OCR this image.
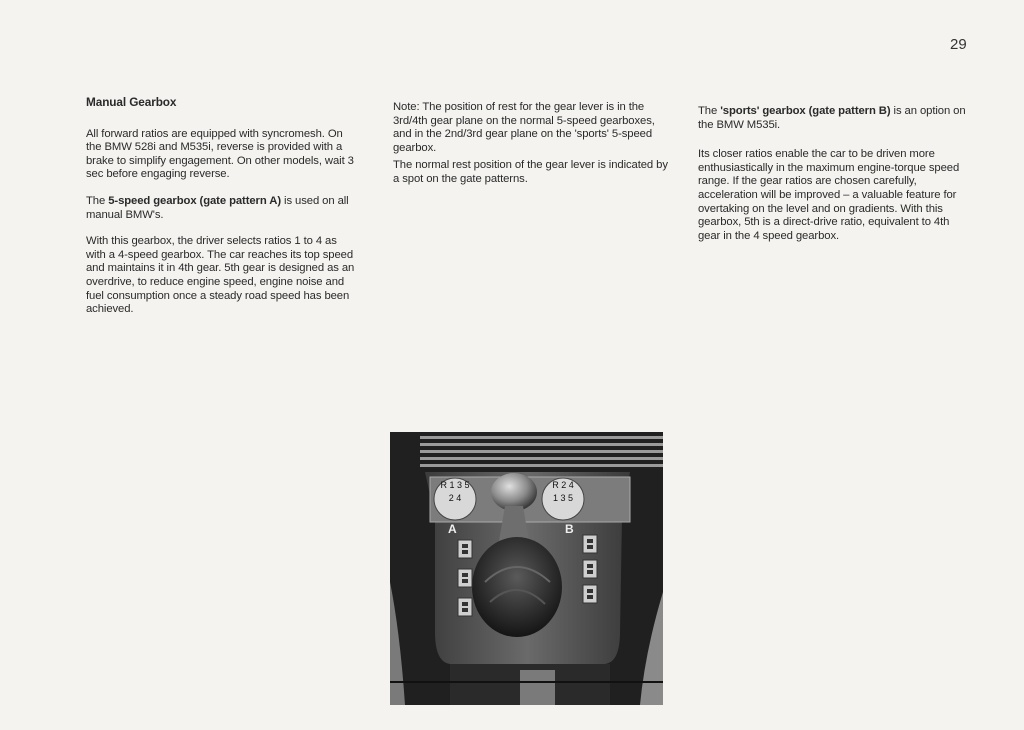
29
Manual Gearbox

All forward ratios are equipped with syncromesh. On the BMW 528i and M535i, reverse is provided with a brake to simplify engagement. On other models, wait 3 sec before engaging reverse.

The 5-speed gearbox (gate pattern A) is used on all manual BMW's.

With this gearbox, the driver selects ratios 1 to 4 as with a 4-speed gearbox. The car reaches its top speed and maintains it in 4th gear. 5th gear is designed as an overdrive, to reduce engine speed, engine noise and fuel consumption once a steady road speed has been achieved.

Note: The position of rest for the gear lever is in the 3rd/4th gear plane on the normal 5-speed gearboxes, and in the 2nd/3rd gear plane on the 'sports' 5-speed gearbox.

The normal rest position of the gear lever is indicated by a spot on the gate patterns.

The 'sports' gearbox (gate pattern B) is an option on the BMW M535i.

Its closer ratios enable the car to be driven more enthusiastically in the maximum engine-torque speed range. If the gear ratios are chosen carefully, acceleration will be improved – a valuable feature for overtaking on the level and on gradients. With this gearbox, 5th is a direct-drive ratio, equivalent to 4th gear in the 4 speed gearbox.

R 1 3 5
2 4
R 2 4
1 3 5
A	B
